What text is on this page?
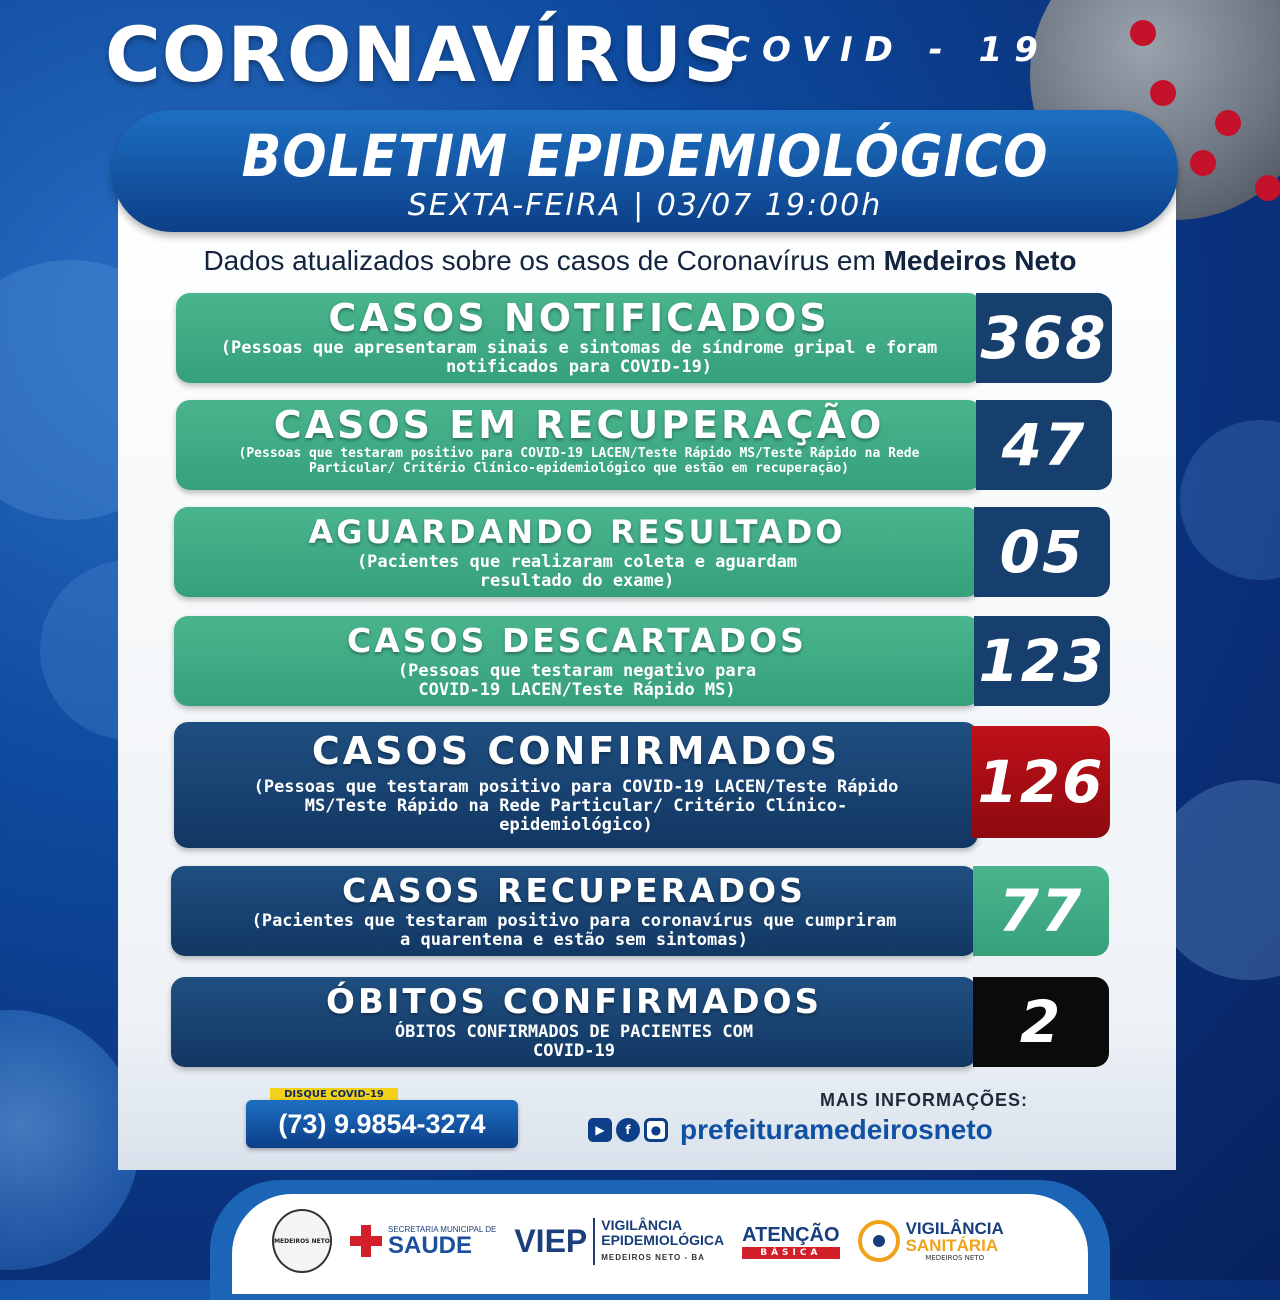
CORONAVÍRUS
COVID - 19
BOLETIM EPIDEMIOLÓGICO
SEXTA-FEIRA | 03/07 19:00h
Dados atualizados sobre os casos de Coronavírus em Medeiros Neto
CASOS NOTIFICADOS
(Pessoas que apresentaram sinais e sintomas de síndrome gripal e foram notificados para COVID-19)	368
CASOS EM RECUPERAÇÃO
(Pessoas que testaram positivo para COVID-19 LACEN/Teste Rápido MS/Teste Rápido na Rede Particular/ Critério Clínico-epidemiológico que estão em recuperação)	47
AGUARDANDO RESULTADO
(Pacientes que realizaram coleta e aguardam resultado do exame)	05
CASOS DESCARTADOS
(Pessoas que testaram negativo para COVID-19 LACEN/Teste Rápido MS)	123
CASOS CONFIRMADOS
(Pessoas que testaram positivo para COVID-19 LACEN/Teste Rápido MS/Teste Rápido na Rede Particular/ Critério Clínico-epidemiológico)
126
CASOS RECUPERADOS
(Pacientes que testaram positivo para coronavírus que cumpriram a quarentena e estão sem sintomas)	77
ÓBITOS CONFIRMADOS
ÓBITOS CONFIRMADOS DE PACIENTES COM COVID-19	2
DISQUE COVID-19
(73) 9.9854-3274
MAIS INFORMAÇÕES:
▶	f	● prefeituramedeirosneto
MEDEIROS NETO
SECRETARIA MUNICIPAL DE
SAUDE	VIEP VIGILÂNCIA
EPIDEMIOLÓGICA
MEDEIROS NETO - BA
ATENÇÃO
BÁSICA
VIGILÂNCIA
SANITÁRIA
MEDEIROS NETO
